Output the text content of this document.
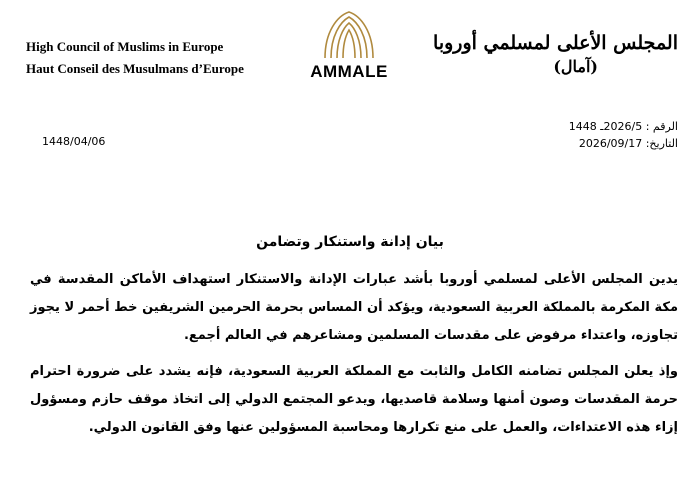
High Council of Muslims in Europe
Haut Conseil des Musulmans d’Europe	AMMALE
المجلس الأعلى لمسلمي أوروبا
(آمال)
الرقم : 2026/5ـ 1448
التاريخ: 2026/09/17
1448/04/06
بيان إدانة واستنكار وتضامن

يدين المجلس الأعلى لمسلمي أوروبا بأشد عبارات الإدانة والاستنكار استهداف الأماكن المقدسة في مكة المكرمة بالمملكة العربية السعودية، ويؤكد أن المساس بحرمة الحرمين الشريفين خط أحمر لا يجوز تجاوزه، واعتداء مرفوض على مقدسات المسلمين ومشاعرهم في العالم أجمع.

وإذ يعلن المجلس تضامنه الكامل والثابت مع المملكة العربية السعودية، فإنه يشدد على ضرورة احترام حرمة المقدسات وصون أمنها وسلامة قاصديها، ويدعو المجتمع الدولي إلى اتخاذ موقف حازم ومسؤول إزاء هذه الاعتداءات، والعمل على منع تكرارها ومحاسبة المسؤولين عنها وفق القانون الدولي.
